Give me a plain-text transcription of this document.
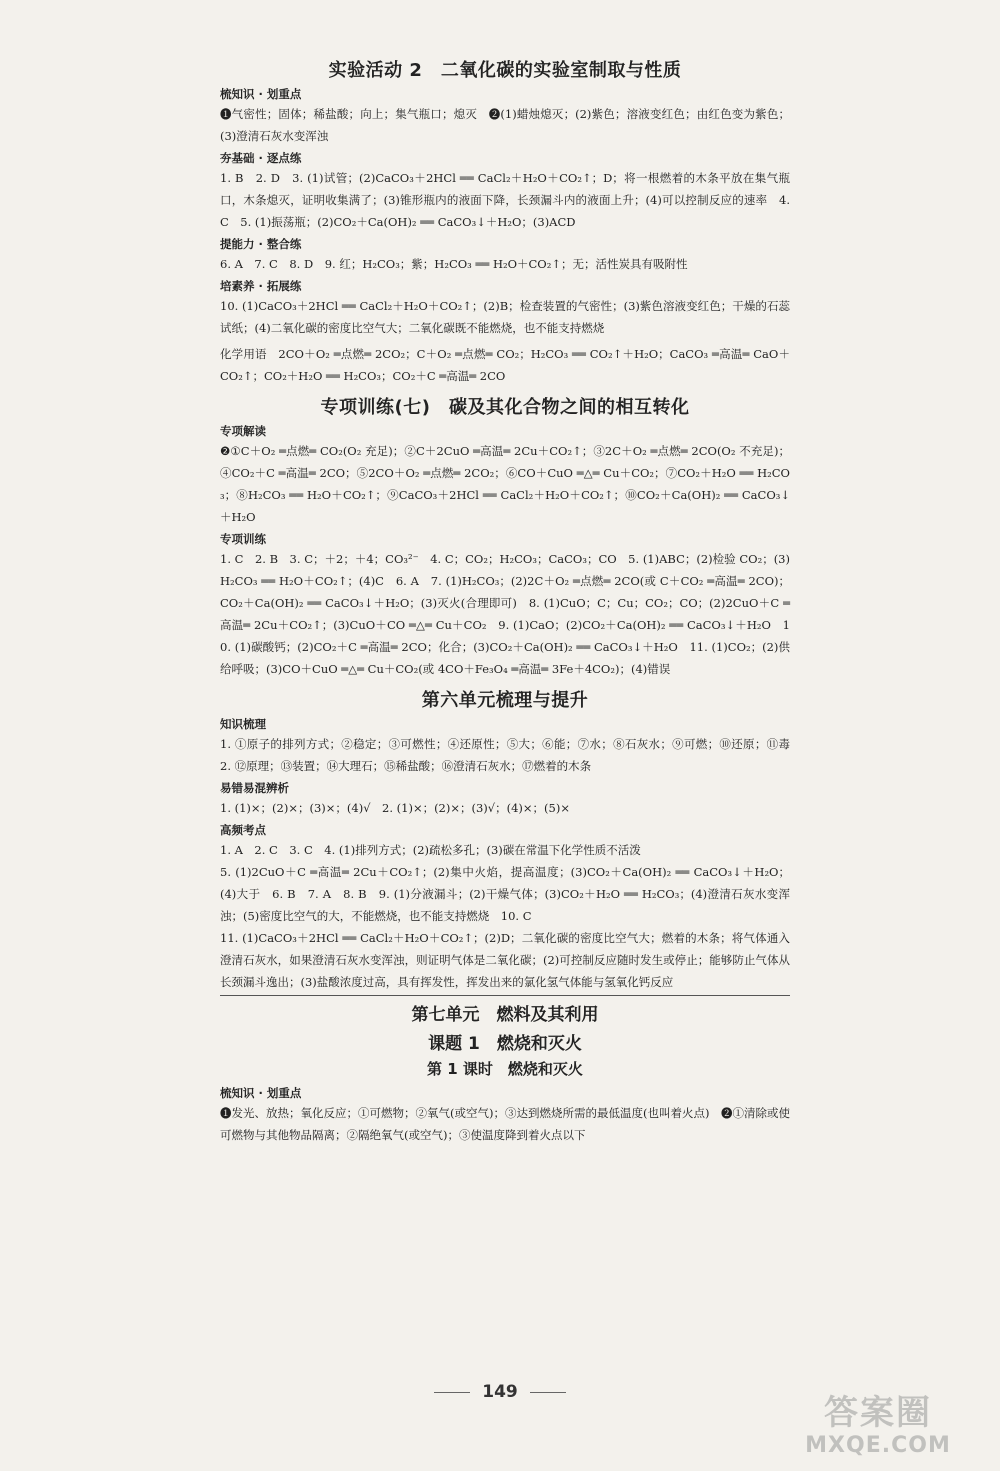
实验活动 2　二氧化碳的实验室制取与性质
梳知识 · 划重点

❶气密性；固体；稀盐酸；向上；集气瓶口；熄灭　❷(1)蜡烛熄灭；(2)紫色；溶液变红色；由红色变为紫色；(3)澄清石灰水变浑浊

夯基础 · 逐点练

1. B　2. D　3. (1)试管；(2)CaCO₃＋2HCl ══ CaCl₂＋H₂O＋CO₂↑；D；将一根燃着的木条平放在集气瓶口，木条熄灭，证明收集满了；(3)锥形瓶内的液面下降，长颈漏斗内的液面上升；(4)可以控制反应的速率　4. C　5. (1)振荡瓶；(2)CO₂＋Ca(OH)₂ ══ CaCO₃↓＋H₂O；(3)ACD

提能力 · 整合练

6. A　7. C　8. D　9. 红；H₂CO₃；紫；H₂CO₃ ══ H₂O＋CO₂↑；无；活性炭具有吸附性

培素养 · 拓展练

10. (1)CaCO₃＋2HCl ══ CaCl₂＋H₂O＋CO₂↑；(2)B；检查装置的气密性；(3)紫色溶液变红色；干燥的石蕊试纸；(4)二氧化碳的密度比空气大；二氧化碳既不能燃烧，也不能支持燃烧

化学用语　2CO＋O₂ ═点燃═ 2CO₂；C＋O₂ ═点燃═ CO₂；H₂CO₃ ══ CO₂↑＋H₂O；CaCO₃ ═高温═ CaO＋CO₂↑；CO₂＋H₂O ══ H₂CO₃；CO₂＋C ═高温═ 2CO

专项训练(七)　碳及其化合物之间的相互转化
专项解读

❷①C＋O₂ ═点燃═ CO₂(O₂ 充足)；②C＋2CuO ═高温═ 2Cu＋CO₂↑；③2C＋O₂ ═点燃═ 2CO(O₂ 不充足)；④CO₂＋C ═高温═ 2CO；⑤2CO＋O₂ ═点燃═ 2CO₂；⑥CO＋CuO ═△═ Cu＋CO₂；⑦CO₂＋H₂O ══ H₂CO₃；⑧H₂CO₃ ══ H₂O＋CO₂↑；⑨CaCO₃＋2HCl ══ CaCl₂＋H₂O＋CO₂↑；⑩CO₂＋Ca(OH)₂ ══ CaCO₃↓＋H₂O

专项训练

1. C　2. B　3. C；＋2；＋4；CO₃²⁻　4. C；CO₂；H₂CO₃；CaCO₃；CO　5. (1)ABC；(2)检验 CO₂；(3)H₂CO₃ ══ H₂O＋CO₂↑；(4)C　6. A　7. (1)H₂CO₃；(2)2C＋O₂ ═点燃═ 2CO(或 C＋CO₂ ═高温═ 2CO)；CO₂＋Ca(OH)₂ ══ CaCO₃↓＋H₂O；(3)灭火(合理即可)　8. (1)CuO；C；Cu；CO₂；CO；(2)2CuO＋C ═高温═ 2Cu＋CO₂↑；(3)CuO＋CO ═△═ Cu＋CO₂　9. (1)CaO；(2)CO₂＋Ca(OH)₂ ══ CaCO₃↓＋H₂O　10. (1)碳酸钙；(2)CO₂＋C ═高温═ 2CO；化合；(3)CO₂＋Ca(OH)₂ ══ CaCO₃↓＋H₂O　11. (1)CO₂；(2)供给呼吸；(3)CO＋CuO ═△═ Cu＋CO₂(或 4CO＋Fe₃O₄ ═高温═ 3Fe＋4CO₂)；(4)错误

第六单元梳理与提升
知识梳理

1. ①原子的排列方式；②稳定；③可燃性；④还原性；⑤大；⑥能；⑦水；⑧石灰水；⑨可燃；⑩还原；⑪毒　2. ⑫原理；⑬装置；⑭大理石；⑮稀盐酸；⑯澄清石灰水；⑰燃着的木条

易错易混辨析

1. (1)×；(2)×；(3)×；(4)√　2. (1)×；(2)×；(3)√；(4)×；(5)×

高频考点

1. A　2. C　3. C　4. (1)排列方式；(2)疏松多孔；(3)碳在常温下化学性质不活泼

5. (1)2CuO＋C ═高温═ 2Cu＋CO₂↑；(2)集中火焰，提高温度；(3)CO₂＋Ca(OH)₂ ══ CaCO₃↓＋H₂O；(4)大于　6. B　7. A　8. B　9. (1)分液漏斗；(2)干燥气体；(3)CO₂＋H₂O ══ H₂CO₃；(4)澄清石灰水变浑浊；(5)密度比空气的大，不能燃烧，也不能支持燃烧　10. C

11. (1)CaCO₃＋2HCl ══ CaCl₂＋H₂O＋CO₂↑；(2)D；二氧化碳的密度比空气大；燃着的木条；将气体通入澄清石灰水，如果澄清石灰水变浑浊，则证明气体是二氧化碳；(2)可控制反应随时发生或停止；能够防止气体从长颈漏斗逸出；(3)盐酸浓度过高，具有挥发性，挥发出来的氯化氢气体能与氢氧化钙反应

第七单元　燃料及其利用
课题 1　燃烧和灭火
第 1 课时　燃烧和灭火
梳知识 · 划重点

❶发光、放热；氧化反应；①可燃物；②氧气(或空气)；③达到燃烧所需的最低温度(也叫着火点)　❷①清除或使可燃物与其他物品隔离；②隔绝氧气(或空气)；③使温度降到着火点以下

149
答案圈
MXQE.COM
